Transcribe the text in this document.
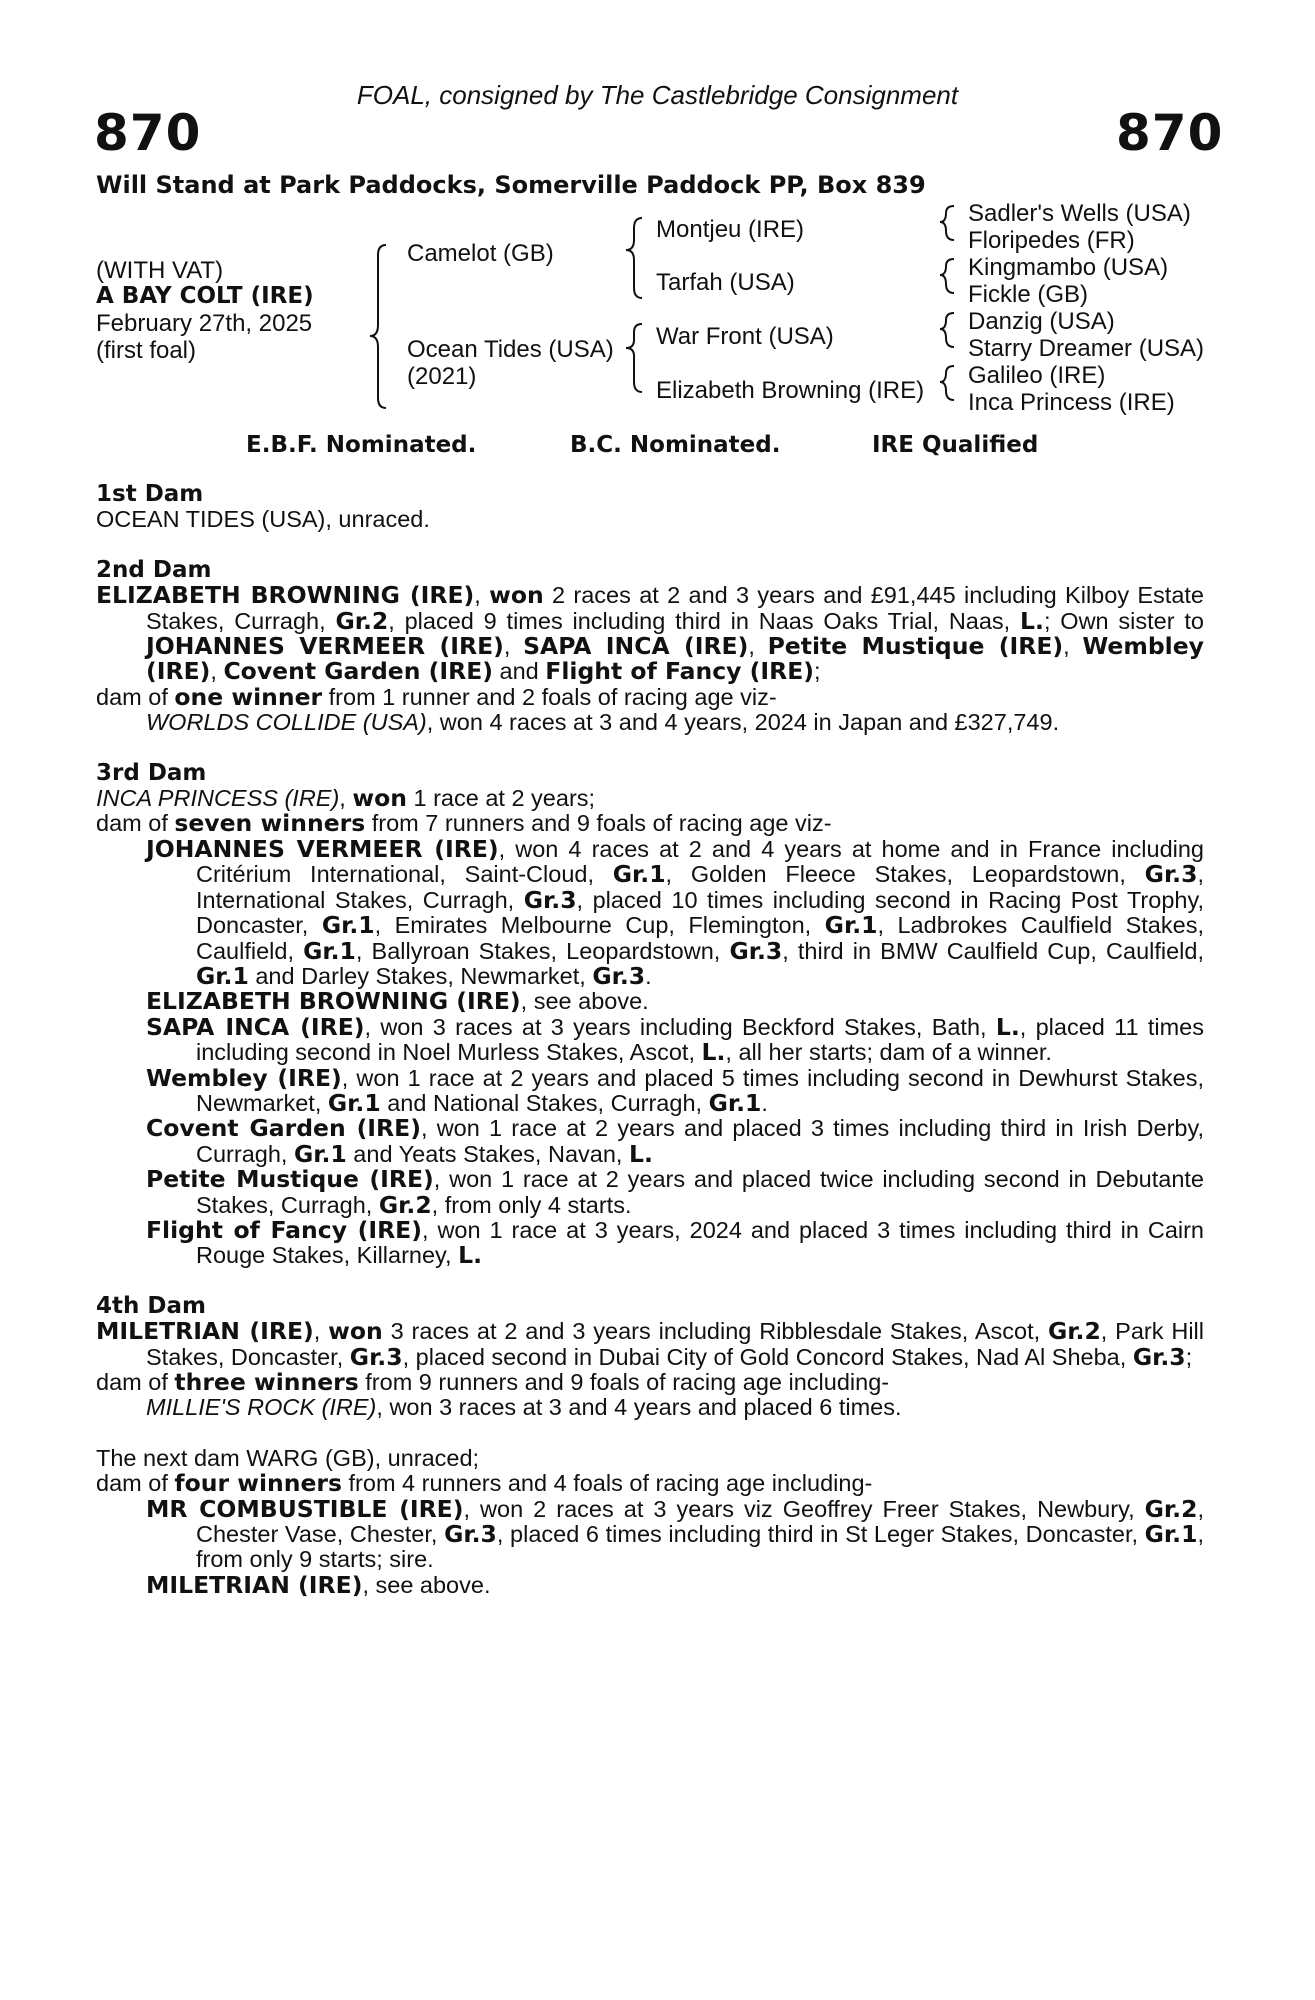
FOAL, consigned by The Castlebridge Consignment
870	870
Will Stand at Park Paddocks, Somerville Paddock PP, Box 839
(WITH VAT)
A BAY COLT (IRE)
February 27th, 2025
(first foal)
Camelot (GB)
Ocean Tides (USA)
(2021)
Montjeu (IRE)
Tarfah (USA)
War Front (USA)
Elizabeth Browning (IRE)
Sadler's Wells (USA)
Floripedes (FR)
Kingmambo (USA)
Fickle (GB)
Danzig (USA)
Starry Dreamer (USA)
Galileo (IRE)
Inca Princess (IRE)
E.B.F. Nominated.	B.C. Nominated.	IRE Qualified

1st Dam

OCEAN TIDES (USA), unraced.

2nd Dam

ELIZABETH BROWNING (IRE), won 2 races at 2 and 3 years and £91,445 including Kilboy Estate Stakes, Curragh, Gr.2, placed 9 times including third in Naas Oaks Trial, Naas, L.; Own sister to JOHANNES VERMEER (IRE), SAPA INCA (IRE), Petite Mustique (IRE), Wembley (IRE), Covent Garden (IRE) and Flight of Fancy (IRE);

dam of one winner from 1 runner and 2 foals of racing age viz-

WORLDS COLLIDE (USA), won 4 races at 3 and 4 years, 2024 in Japan and £327,749.

3rd Dam

INCA PRINCESS (IRE), won 1 race at 2 years;

dam of seven winners from 7 runners and 9 foals of racing age viz-

JOHANNES VERMEER (IRE), won 4 races at 2 and 4 years at home and in France including Critérium International, Saint-Cloud, Gr.1, Golden Fleece Stakes, Leopardstown, Gr.3, International Stakes, Curragh, Gr.3, placed 10 times including second in Racing Post Trophy, Doncaster, Gr.1, Emirates Melbourne Cup, Flemington, Gr.1, Ladbrokes Caulfield Stakes, Caulfield, Gr.1, Ballyroan Stakes, Leopardstown, Gr.3, third in BMW Caulfield Cup, Caulfield, Gr.1 and Darley Stakes, Newmarket, Gr.3.

ELIZABETH BROWNING (IRE), see above.

SAPA INCA (IRE), won 3 races at 3 years including Beckford Stakes, Bath, L., placed 11 times including second in Noel Murless Stakes, Ascot, L., all her starts; dam of a winner.

Wembley (IRE), won 1 race at 2 years and placed 5 times including second in Dewhurst Stakes, Newmarket, Gr.1 and National Stakes, Curragh, Gr.1.

Covent Garden (IRE), won 1 race at 2 years and placed 3 times including third in Irish Derby, Curragh, Gr.1 and Yeats Stakes, Navan, L.

Petite Mustique (IRE), won 1 race at 2 years and placed twice including second in Debutante Stakes, Curragh, Gr.2, from only 4 starts.

Flight of Fancy (IRE), won 1 race at 3 years, 2024 and placed 3 times including third in Cairn Rouge Stakes, Killarney, L.

4th Dam

MILETRIAN (IRE), won 3 races at 2 and 3 years including Ribblesdale Stakes, Ascot, Gr.2, Park Hill Stakes, Doncaster, Gr.3, placed second in Dubai City of Gold Concord Stakes, Nad Al Sheba, Gr.3;

dam of three winners from 9 runners and 9 foals of racing age including-

MILLIE'S ROCK (IRE), won 3 races at 3 and 4 years and placed 6 times.

The next dam WARG (GB), unraced;

dam of four winners from 4 runners and 4 foals of racing age including-

MR COMBUSTIBLE (IRE), won 2 races at 3 years viz Geoffrey Freer Stakes, Newbury, Gr.2, Chester Vase, Chester, Gr.3, placed 6 times including third in St Leger Stakes, Doncaster, Gr.1, from only 9 starts; sire.

MILETRIAN (IRE), see above.
